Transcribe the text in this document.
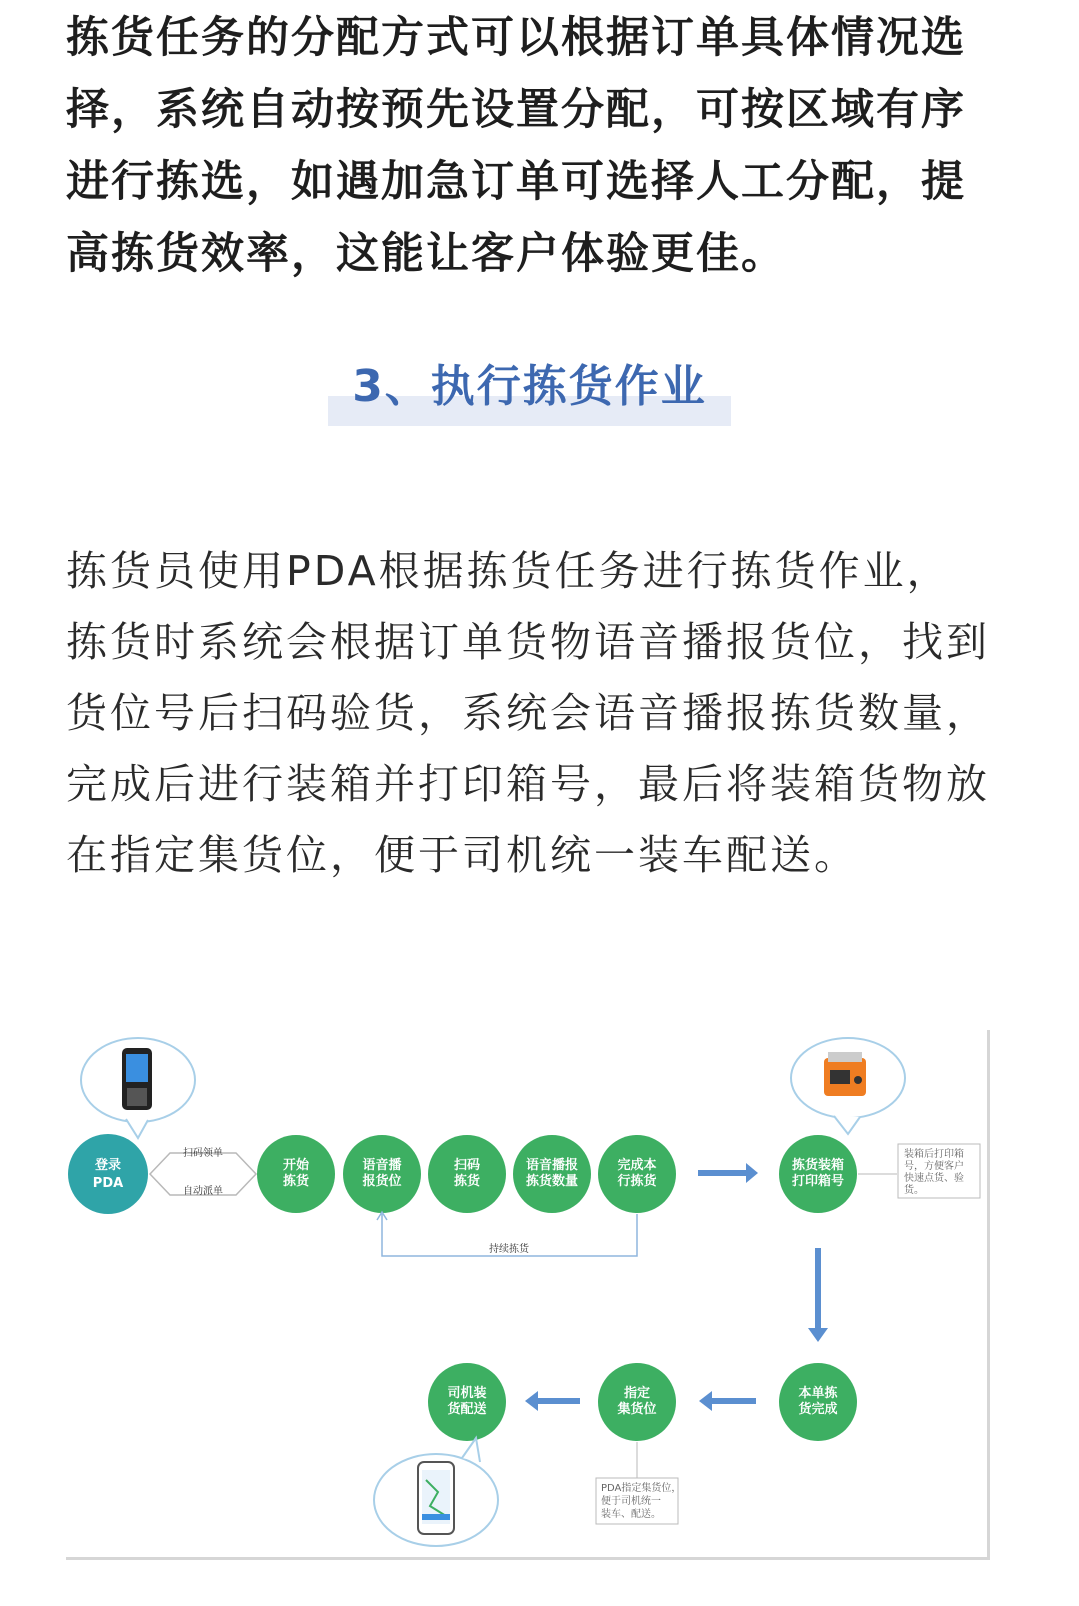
拣货任务的分配方式可以根据订单具体情况选择，系统自动按预先设置分配，可按区域有序进行拣选，如遇加急订单可选择人工分配，提高拣货效率，这能让客户体验更佳。
3、执行拣货作业
拣货员使用PDA根据拣货任务进行拣货作业，拣货时系统会根据订单货物语音播报货位，找到货位号后扫码验货，系统会语音播报拣货数量，完成后进行装箱并打印箱号，最后将装箱货物放在指定集货位，便于司机统一装车配送。
登录
PDA
扫码领单
自动派单
开始
拣货
语音播
报货位
扫码
拣货
语音播报
拣货数量
完成本
行拣货
持续拣货
拣货装箱
打印箱号
装箱后打印箱
号，方便客户
快速点货、验
货。
本单拣
货完成
指定
集货位
PDA指定集货位，
便于司机统一
装车、配送。
司机装
货配送
